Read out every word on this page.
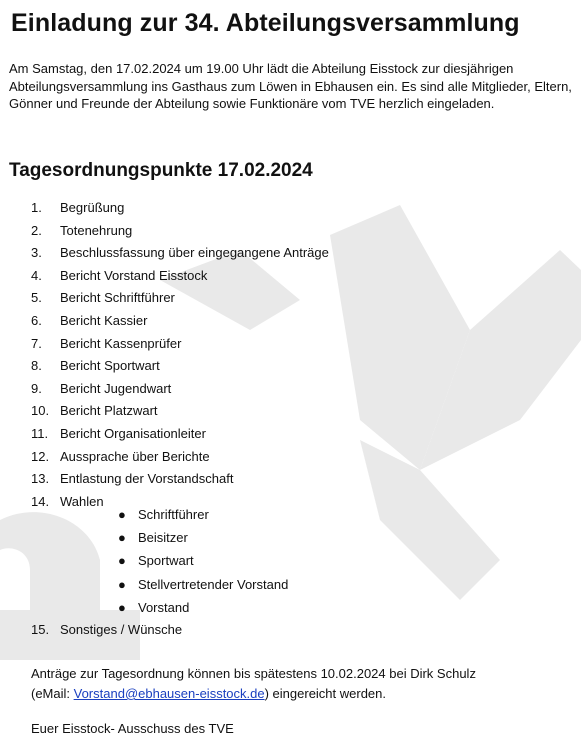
Einladung zur 34. Abteilungsversammlung

Am Samstag, den 17.02.2024 um 19.00 Uhr lädt die Abteilung Eisstock zur diesjährigen Abteilungsversammlung ins Gasthaus zum Löwen in Ebhausen ein. Es sind alle Mitglieder, Eltern, Gönner und Freunde der Abteilung sowie Funktionäre vom TVE herzlich eingeladen.

Tagesordnungspunkte 17.02.2024
1. Begrüßung
2. Totenehrung
3. Beschlussfassung über eingegangene Anträge
4. Bericht Vorstand Eisstock
5. Bericht Schriftführer
6. Bericht Kassier
7. Bericht Kassenprüfer
8. Bericht Sportwart
9. Bericht Jugendwart
10. Bericht Platzwart
11. Bericht Organisationleiter
12. Aussprache über Berichte
13. Entlastung der Vorstandschaft
14. Wahlen
● Schriftführer
● Beisitzer
● Sportwart
● Stellvertretender Vorstand
● Vorstand
15. Sonstiges / Wünsche
Anträge zur Tagesordnung können bis spätestens 10.02.2024 bei Dirk Schulz
(eMail: Vorstand@ebhausen-eisstock.de) eingereicht werden.
Euer Eisstock- Ausschuss des TVE
